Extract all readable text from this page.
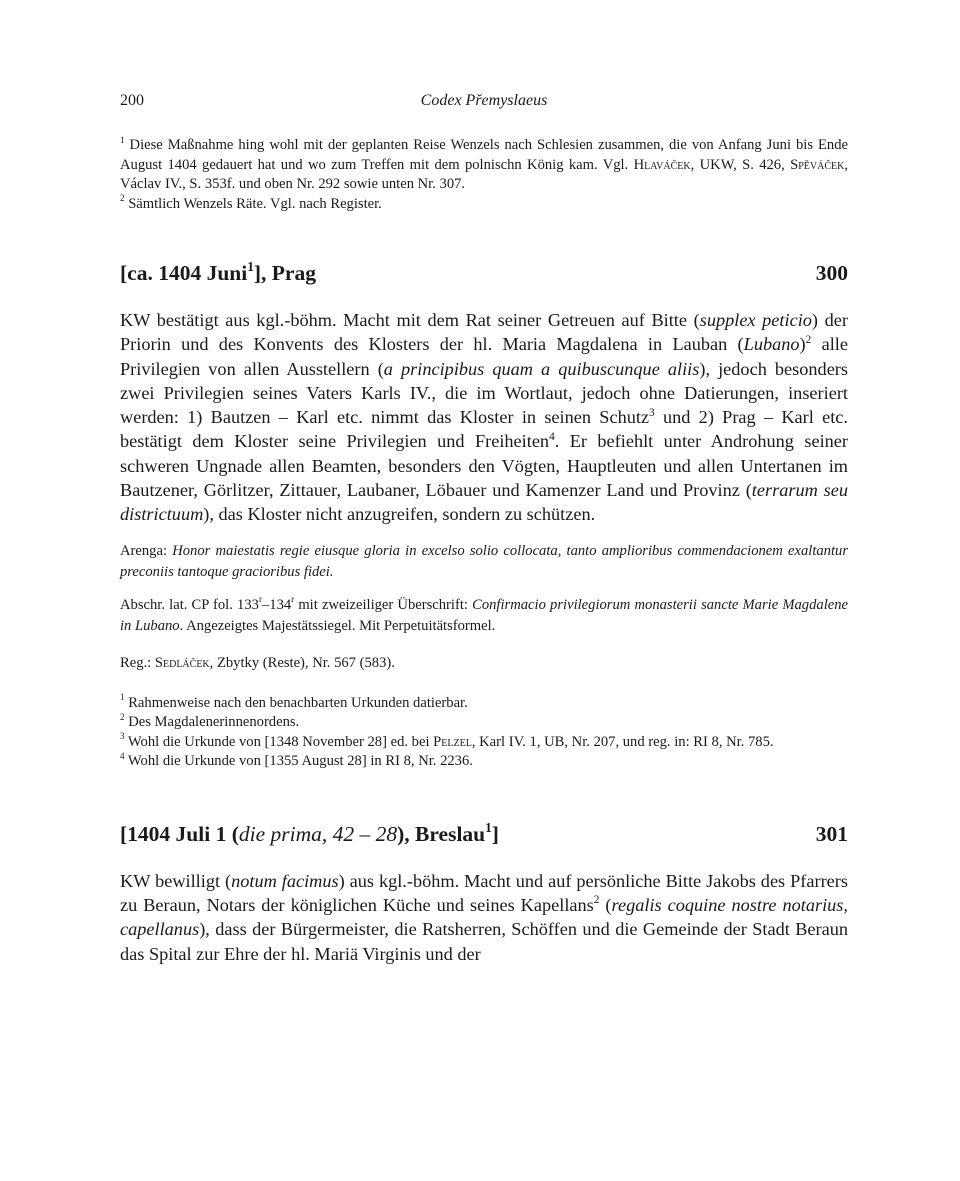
200	Codex Přemyslaeus

$^1$ Diese Maßnahme hing wohl mit der geplanten Reise Wenzels nach Schlesien zusammen, die von Anfang Juni bis Ende August 1404 gedauert hat und wo zum Treffen mit dem polnischn König kam. Vgl. Hlaváček, UKW, S. 426, Spěváček, Václav IV., S. 353f. und oben Nr. 292 sowie unten Nr. 307.

$^2$ Sämtlich Wenzels Räte. Vgl. nach Register.

[ca. 1404 Juni$^1$], Prag	300

KW bestätigt aus kgl.-böhm. Macht mit dem Rat seiner Getreuen auf Bitte (supplex peticio) der Priorin und des Konvents des Klosters der hl. Maria Magdalena in Lauban (Lubano)$^2$ alle Privilegien von allen Ausstellern (a principibus quam a quibuscunque aliis), jedoch besonders zwei Privilegien seines Vaters Karls IV., die im Wortlaut, jedoch ohne Datierungen, inseriert werden: 1) Bautzen – Karl etc. nimmt das Kloster in seinen Schutz$^3$ und 2) Prag – Karl etc. bestätigt dem Kloster seine Privilegien und Freiheiten$^4$. Er befiehlt unter Androhung seiner schweren Ungnade allen Beamten, besonders den Vögten, Hauptleuten und allen Untertanen im Bautzener, Görlitzer, Zittauer, Laubaner, Löbauer und Kamenzer Land und Provinz (terrarum seu districtuum), das Kloster nicht anzugreifen, sondern zu schützen.

Arenga: Honor maiestatis regie eiusque gloria in excelso solio collocata, tanto amplioribus commendacionem exaltantur preconiis tantoque gracioribus fidei.

Abschr. lat. CP fol. 133$^r$–134$^r$ mit zweizeiliger Überschrift: Confirmacio privilegiorum monasterii sancte Marie Magdalene in Lubano. Angezeigtes Majestätssiegel. Mit Perpetuitätsformel.

Reg.: Sedláček, Zbytky (Reste), Nr. 567 (583).

$^1$ Rahmenweise nach den benachbarten Urkunden datierbar.

$^2$ Des Magdalenerinnenordens.

$^3$ Wohl die Urkunde von [1348 November 28] ed. bei Pelzel, Karl IV. 1, UB, Nr. 207, und reg. in: RI 8, Nr. 785.

$^4$ Wohl die Urkunde von [1355 August 28] in RI 8, Nr. 2236.

[1404 Juli 1 (die prima, 42 – 28), Breslau$^1$]	301

KW bewilligt (notum facimus) aus kgl.-böhm. Macht und auf persönliche Bitte Jakobs des Pfarrers zu Beraun, Notars der königlichen Küche und seines Kapellans$^2$ (regalis coquine nostre notarius, capellanus), dass der Bürgermeister, die Ratsherren, Schöffen und die Gemeinde der Stadt Beraun das Spital zur Ehre der hl. Mariä Virginis und der
